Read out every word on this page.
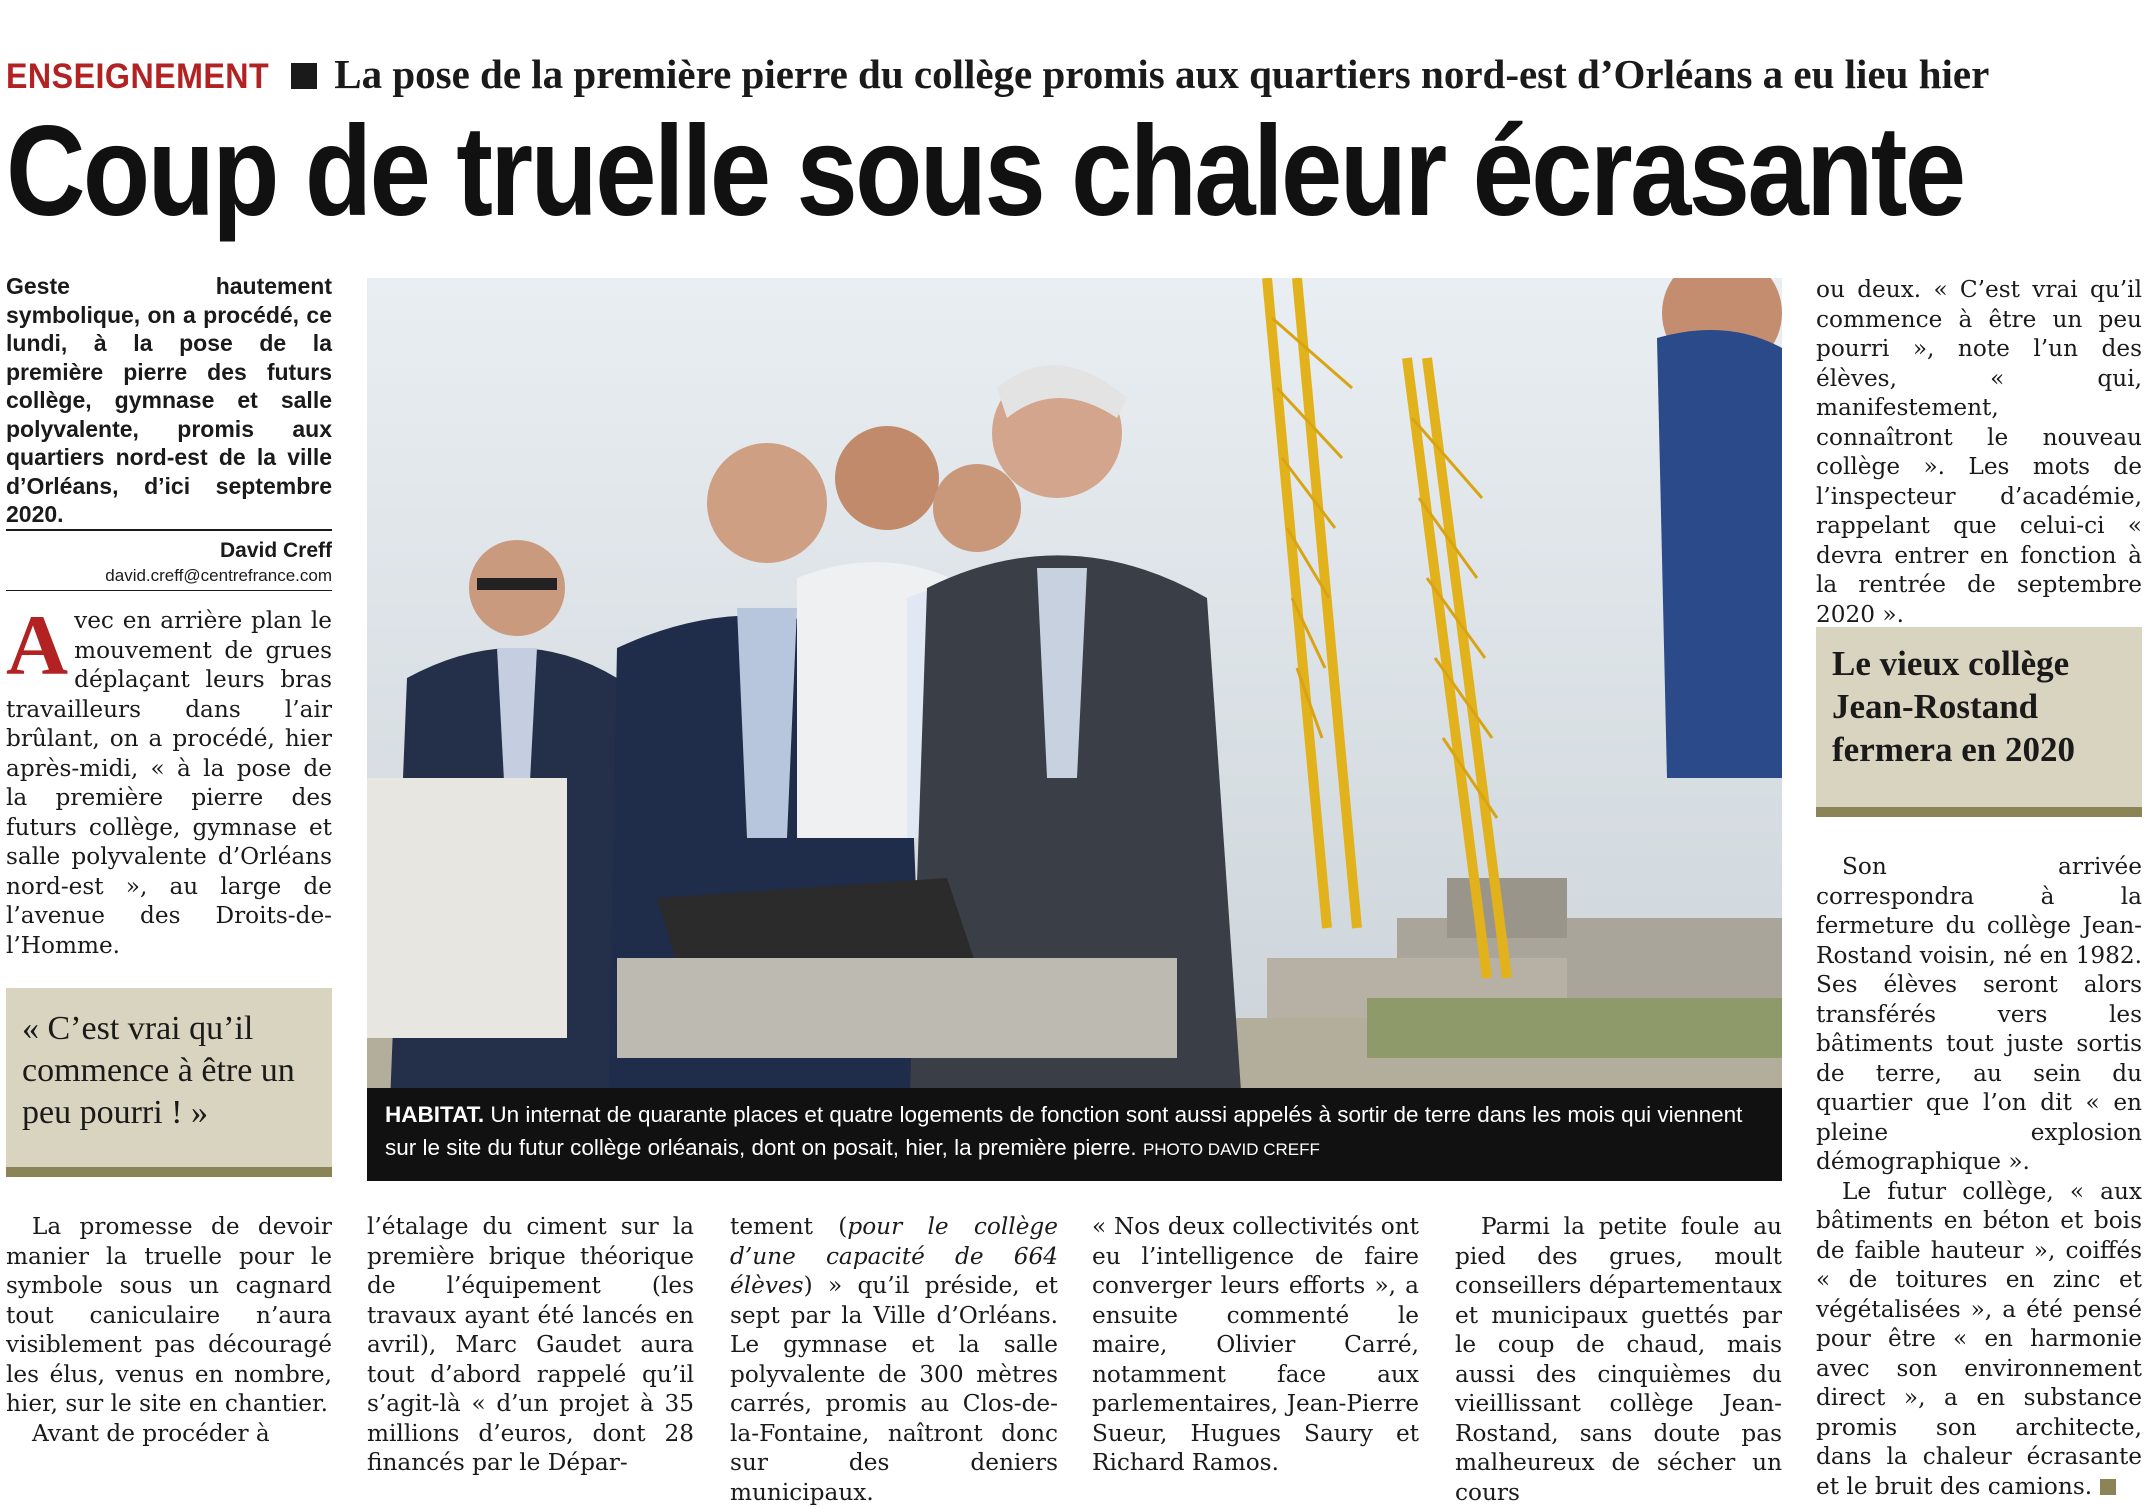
ENSEIGNEMENT La pose de la première pierre du collège promis aux quartiers nord-est d’Orléans a eu lieu hier
Coup de truelle sous chaleur écrasante
Geste hautement symbolique, on a procédé, ce lundi, à la pose de la première pierre des futurs collège, gymnase et salle polyvalente, promis aux quartiers nord-est de la ville d’Orléans, d’ici septembre 2020.
David Creff
david.creff@centrefrance.com
A vec en arrière plan le mouvement de grues déplaçant leurs bras travailleurs dans l’air brûlant, on a procédé, hier après-midi, « à la pose de la première pierre des futurs collège, gymnase et salle polyvalente d’Orléans nord-est », au large de l’avenue des Droits-de-l’Homme.
« C’est vrai qu’il commence à être un peu pourri ! »	HABITAT. Un internat de quarante places et quatre logements de fonction sont aussi appelés à sortir de terre dans les mois qui viennent sur le site du futur collège orléanais, dont on posait, hier, la première pierre. PHOTO DAVID CREFF

La promesse de devoir manier la truelle pour le symbole sous un cagnard tout caniculaire n’aura visiblement pas découragé les élus, venus en nombre, hier, sur le site en chantier.

Avant de procéder à

l’étalage du ciment sur la première brique théorique de l’équipement (les travaux ayant été lancés en avril), Marc Gaudet aura tout d’abord rappelé qu’il s’agit-là « d’un projet à 35 millions d’euros, dont 28 financés par le Dépar-

tement (pour le collège d’une capacité de 664 élèves) » qu’il préside, et sept par la Ville d’Orléans. Le gymnase et la salle polyvalente de 300 mètres carrés, promis au Clos-de-la-Fontaine, naîtront donc sur des deniers municipaux.

« Nos deux collectivités ont eu l’intelligence de faire converger leurs efforts », a ensuite commenté le maire, Olivier Carré, notamment face aux parlementaires, Jean-Pierre Sueur, Hugues Saury et Richard Ramos.

Parmi la petite foule au pied des grues, moult conseillers départementaux et municipaux guettés par le coup de chaud, mais aussi des cinquièmes du vieillissant collège Jean-Rostand, sans doute pas malheureux de sécher un cours

ou deux. « C’est vrai qu’il commence à être un peu pourri », note l’un des élèves, « qui, manifestement, connaîtront le nouveau collège ». Les mots de l’inspecteur d’académie, rappelant que celui-ci « devra entrer en fonction à la rentrée de septembre 2020 ».

Le vieux collège Jean-Rostand fermera en 2020

Son arrivée correspondra à la fermeture du collège Jean-Rostand voisin, né en 1982. Ses élèves seront alors transférés vers les bâtiments tout juste sortis de terre, au sein du quartier que l’on dit « en pleine explosion démographique ».

Le futur collège, « aux bâtiments en béton et bois de faible hauteur », coiffés « de toitures en zinc et végétalisées », a été pensé pour être « en harmonie avec son environnement direct », a en substance promis son architecte, dans la chaleur écrasante et le bruit des camions.
